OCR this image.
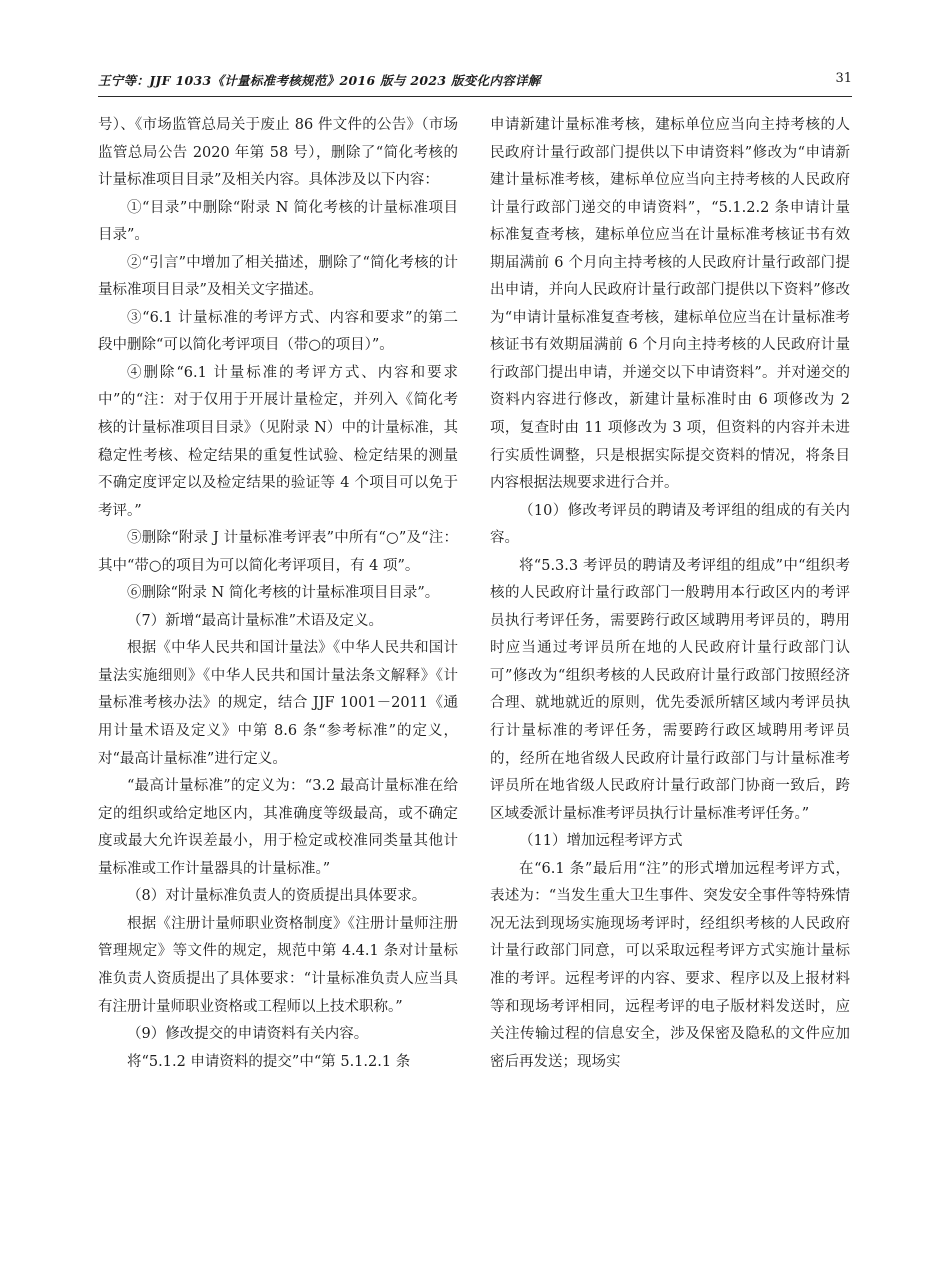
王宁等：JJF 1033《计量标准考核规范》2016 版与 2023 版变化内容详解	31

号）、《市场监管总局关于废止 86 件文件的公告》（市场监管总局公告 2020 年第 58 号），删除了“简化考核的计量标准项目目录”及相关内容。具体涉及以下内容：

①“目录”中删除“附录 N 简化考核的计量标准项目目录”。

②“引言”中增加了相关描述，删除了“简化考核的计量标准项目目录”及相关文字描述。

③“6.1 计量标准的考评方式、内容和要求”的第二段中删除“可以简化考评项目（带○的项目）”。

④删除“6.1 计量标准的考评方式、内容和要求中”的“注：对于仅用于开展计量检定，并列入《简化考核的计量标准项目目录》（见附录 N）中的计量标准，其稳定性考核、检定结果的重复性试验、检定结果的测量不确定度评定以及检定结果的验证等 4 个项目可以免于考评。”

⑤删除“附录 J 计量标准考评表”中所有“○”及“注：其中“带○的项目为可以简化考评项目，有 4 项”。

⑥删除“附录 N 简化考核的计量标准项目目录”。

（7）新增“最高计量标准”术语及定义。

根据《中华人民共和国计量法》《中华人民共和国计量法实施细则》《中华人民共和国计量法条文解释》《计量标准考核办法》的规定，结合 JJF 1001－2011《通用计量术语及定义》中第 8.6 条“参考标准”的定义，对“最高计量标准”进行定义。

“最高计量标准”的定义为：“3.2 最高计量标准在给定的组织或给定地区内，其准确度等级最高，或不确定度或最大允许误差最小，用于检定或校准同类量其他计量标准或工作计量器具的计量标准。”

（8）对计量标准负责人的资质提出具体要求。

根据《注册计量师职业资格制度》《注册计量师注册管理规定》等文件的规定，规范中第 4.4.1 条对计量标准负责人资质提出了具体要求：“计量标准负责人应当具有注册计量师职业资格或工程师以上技术职称。”

（9）修改提交的申请资料有关内容。

将“5.1.2 申请资料的提交”中“第 5.1.2.1 条

申请新建计量标准考核，建标单位应当向主持考核的人民政府计量行政部门提供以下申请资料”修改为“申请新建计量标准考核，建标单位应当向主持考核的人民政府计量行政部门递交的申请资料”，“5.1.2.2 条申请计量标准复查考核，建标单位应当在计量标准考核证书有效期届满前 6 个月向主持考核的人民政府计量行政部门提出申请，并向人民政府计量行政部门提供以下资料”修改为“申请计量标准复查考核，建标单位应当在计量标准考核证书有效期届满前 6 个月向主持考核的人民政府计量行政部门提出申请，并递交以下申请资料”。并对递交的资料内容进行修改，新建计量标准时由 6 项修改为 2 项，复查时由 11 项修改为 3 项，但资料的内容并未进行实质性调整，只是根据实际提交资料的情况，将条目内容根据法规要求进行合并。

（10）修改考评员的聘请及考评组的组成的有关内容。

将“5.3.3 考评员的聘请及考评组的组成”中“组织考核的人民政府计量行政部门一般聘用本行政区内的考评员执行考评任务，需要跨行政区域聘用考评员的，聘用时应当通过考评员所在地的人民政府计量行政部门认可”修改为“组织考核的人民政府计量行政部门按照经济合理、就地就近的原则，优先委派所辖区域内考评员执行计量标准的考评任务，需要跨行政区域聘用考评员的，经所在地省级人民政府计量行政部门与计量标准考评员所在地省级人民政府计量行政部门协商一致后，跨区域委派计量标准考评员执行计量标准考评任务。”

（11）增加远程考评方式

在“6.1 条”最后用“注”的形式增加远程考评方式，表述为：“当发生重大卫生事件、突发安全事件等特殊情况无法到现场实施现场考评时，经组织考核的人民政府计量行政部门同意，可以采取远程考评方式实施计量标准的考评。远程考评的内容、要求、程序以及上报材料等和现场考评相同，远程考评的电子版材料发送时，应关注传输过程的信息安全，涉及保密及隐私的文件应加密后再发送；现场实
